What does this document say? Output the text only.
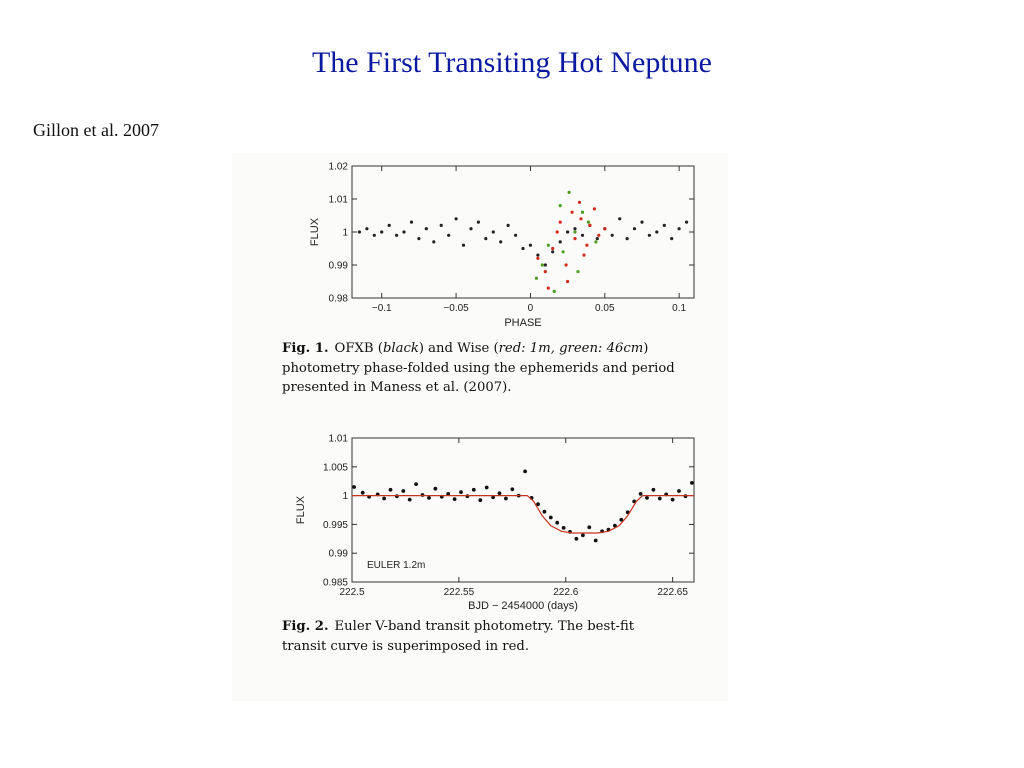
The First Transiting Hot Neptune
Gillon et al. 2007
−0.1	−0.05	0	0.05	0.1
0.98
0.99
1
1.01
1.02
PHASE
FLUX
222.5	222.55	222.6	222.65
0.985
0.99
0.995
1
1.005
1.01
BJD − 2454000 (days)
FLUX
EULER 1.2m
Fig. 1. OFXB (black) and Wise (red: 1m, green: 46cm)
photometry phase-folded using the ephemerids and period
presented in Maness et al. (2007).
Fig. 2. Euler V-band transit photometry. The best-fit
transit curve is superimposed in red.
